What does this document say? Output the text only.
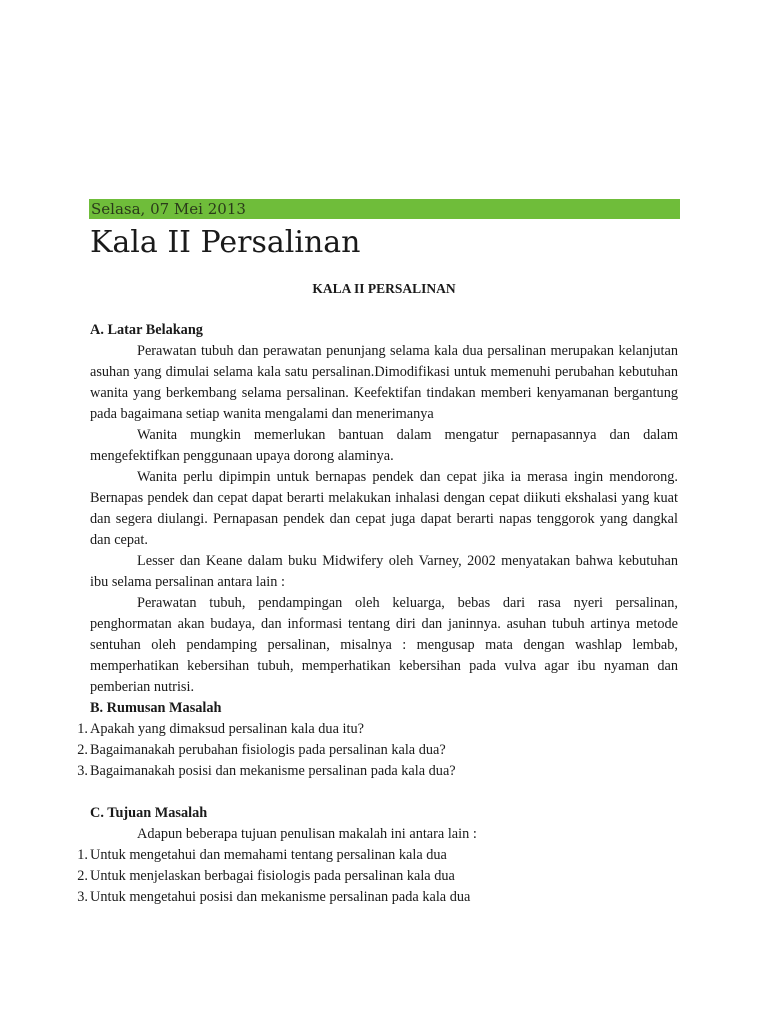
Selasa, 07 Mei 2013
Kala II Persalinan
KALA II PERSALINAN

A. Latar Belakang

Perawatan tubuh dan perawatan penunjang selama kala dua persalinan merupakan kelanjutan asuhan yang dimulai selama kala satu persalinan.Dimodifikasi untuk memenuhi perubahan kebutuhan wanita yang berkembang selama persalinan. Keefektifan tindakan memberi kenyamanan bergantung pada bagaimana setiap wanita mengalami dan menerimanya

Wanita mungkin memerlukan bantuan dalam mengatur pernapasannya dan dalam mengefektifkan penggunaan upaya dorong alaminya.

Wanita perlu dipimpin untuk bernapas pendek dan cepat jika ia merasa ingin mendorong. Bernapas pendek dan cepat dapat berarti melakukan inhalasi dengan cepat diikuti ekshalasi yang kuat dan segera diulangi. Pernapasan pendek dan cepat juga dapat berarti napas tenggorok yang dangkal dan cepat.

Lesser dan Keane dalam buku Midwifery oleh Varney, 2002 menyatakan bahwa kebutuhan ibu selama persalinan antara lain :

Perawatan tubuh, pendampingan oleh keluarga, bebas dari rasa nyeri persalinan, penghormatan akan budaya, dan informasi tentang diri dan janinnya. asuhan tubuh artinya metode sentuhan oleh pendamping persalinan, misalnya : mengusap mata dengan washlap lembab, memperhatikan kebersihan tubuh, memperhatikan kebersihan pada vulva agar ibu nyaman dan pemberian nutrisi.

B. Rumusan Masalah

1. Apakah yang dimaksud persalinan kala dua itu?
2. Bagaimanakah perubahan fisiologis pada persalinan kala dua?
3. Bagaimanakah posisi dan mekanisme persalinan pada kala dua?

C. Tujuan Masalah

Adapun beberapa tujuan penulisan makalah ini antara lain :

1. Untuk mengetahui dan memahami tentang persalinan kala dua
2. Untuk menjelaskan berbagai fisiologis pada persalinan kala dua
3. Untuk mengetahui posisi dan mekanisme persalinan pada kala dua
